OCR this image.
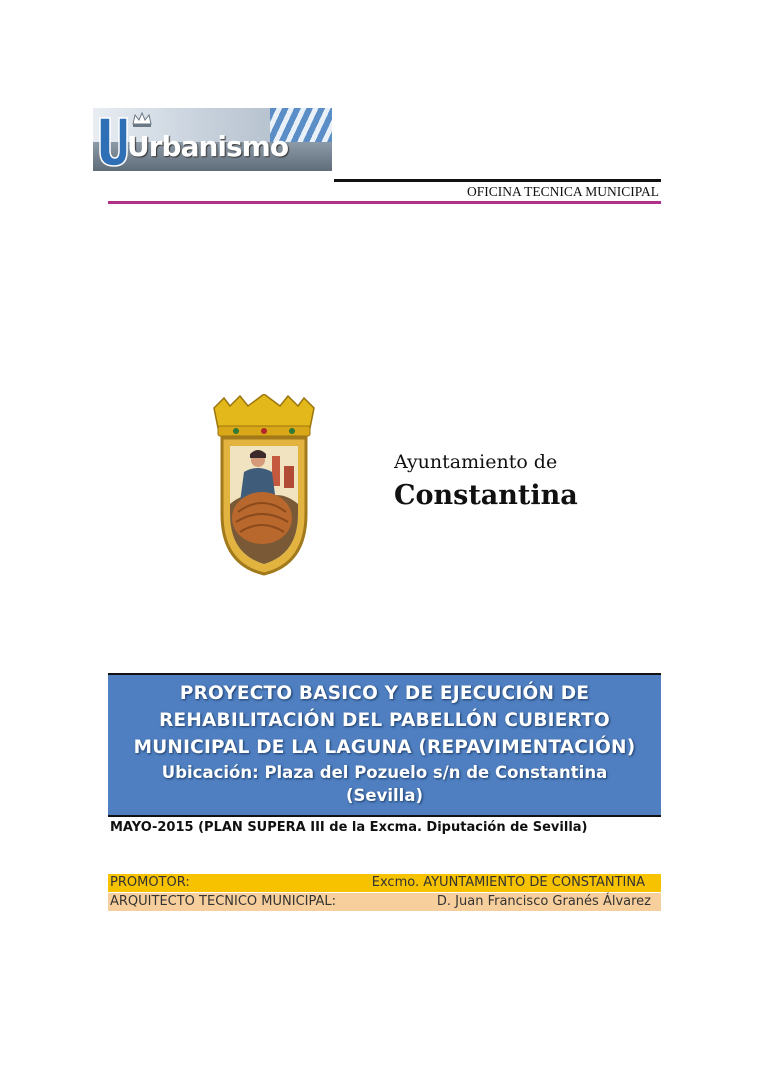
Urbanismo
OFICINA TECNICA MUNICIPAL
Ayuntamiento de
Constantina
PROYECTO BASICO Y DE EJECUCIÓN DE
REHABILITACIÓN DEL PABELLÓN CUBIERTO
MUNICIPAL DE LA LAGUNA (REPAVIMENTACIÓN)
Ubicación: Plaza del Pozuelo s/n de Constantina
(Sevilla)
MAYO-2015 (PLAN SUPERA III de la Excma. Diputación de Sevilla)
PROMOTOR:	Excmo. AYUNTAMIENTO DE CONSTANTINA
ARQUITECTO TECNICO MUNICIPAL:	D. Juan Francisco Granés Álvarez
